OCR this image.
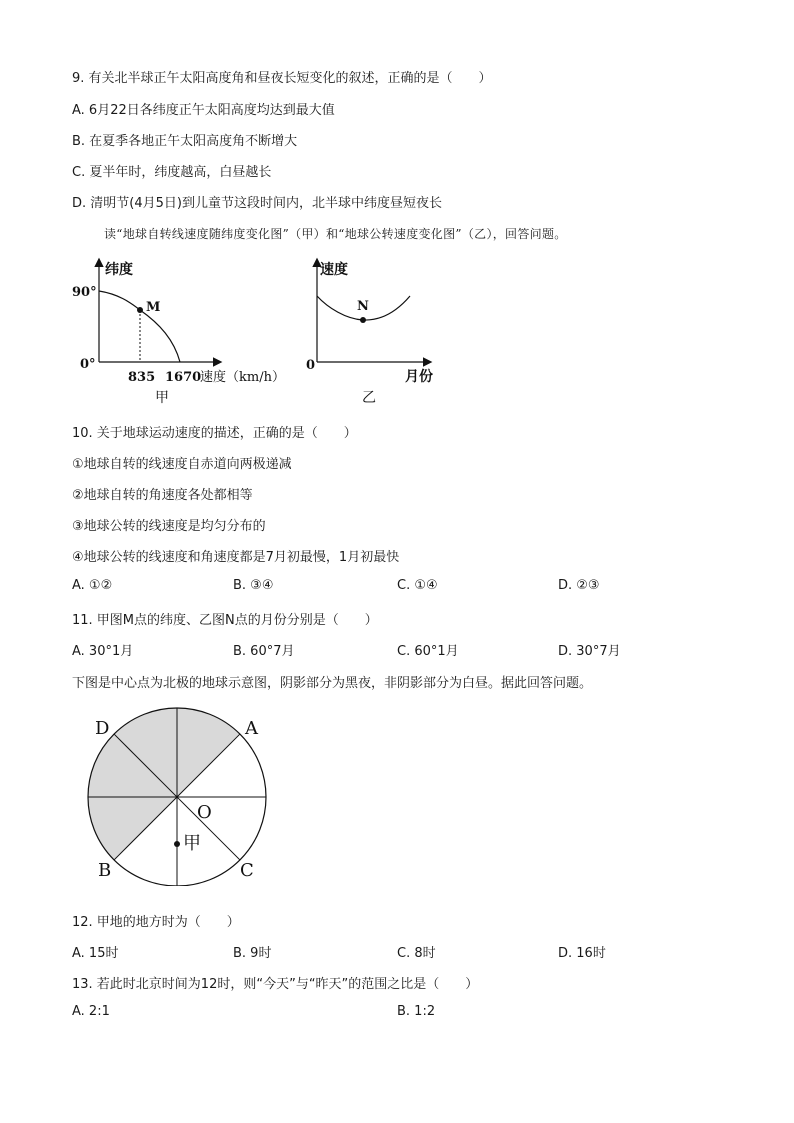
9. 有关北半球正午太阳高度角和昼夜长短变化的叙述，正确的是（　　）
A. 6月22日各纬度正午太阳高度均达到最大值
B. 在夏季各地正午太阳高度角不断增大
C. 夏半年时，纬度越高，白昼越长
D. 清明节(4月5日)到儿童节这段时间内，北半球中纬度昼短夜长
读“地球自转线速度随纬度变化图”（甲）和“地球公转速度变化图”（乙），回答问题。
纬度
90°
0°
M
835 1670
速度（km/h）
甲
速度
N
0
月份
乙
10. 关于地球运动速度的描述，正确的是（　　）
①地球自转的线速度自赤道向两极递减
②地球自转的角速度各处都相等
③地球公转的线速度是均匀分布的
④地球公转的线速度和角速度都是7月初最慢，1月初最快
A. ①②	B. ③④	C. ①④	D. ②③
11. 甲图M点的纬度、乙图N点的月份分别是（　　）
A. 30°1月	B. 60°7月	C. 60°1月	D. 30°7月
下图是中心点为北极的地球示意图，阴影部分为黑夜，非阴影部分为白昼。据此回答问题。
D	A
B	C
O
甲
12. 甲地的地方时为（　　）
A. 15时	B. 9时	C. 8时	D. 16时
13. 若此时北京时间为12时，则“今天”与“昨天”的范围之比是（　　）
A. 2:1	B. 1:2
